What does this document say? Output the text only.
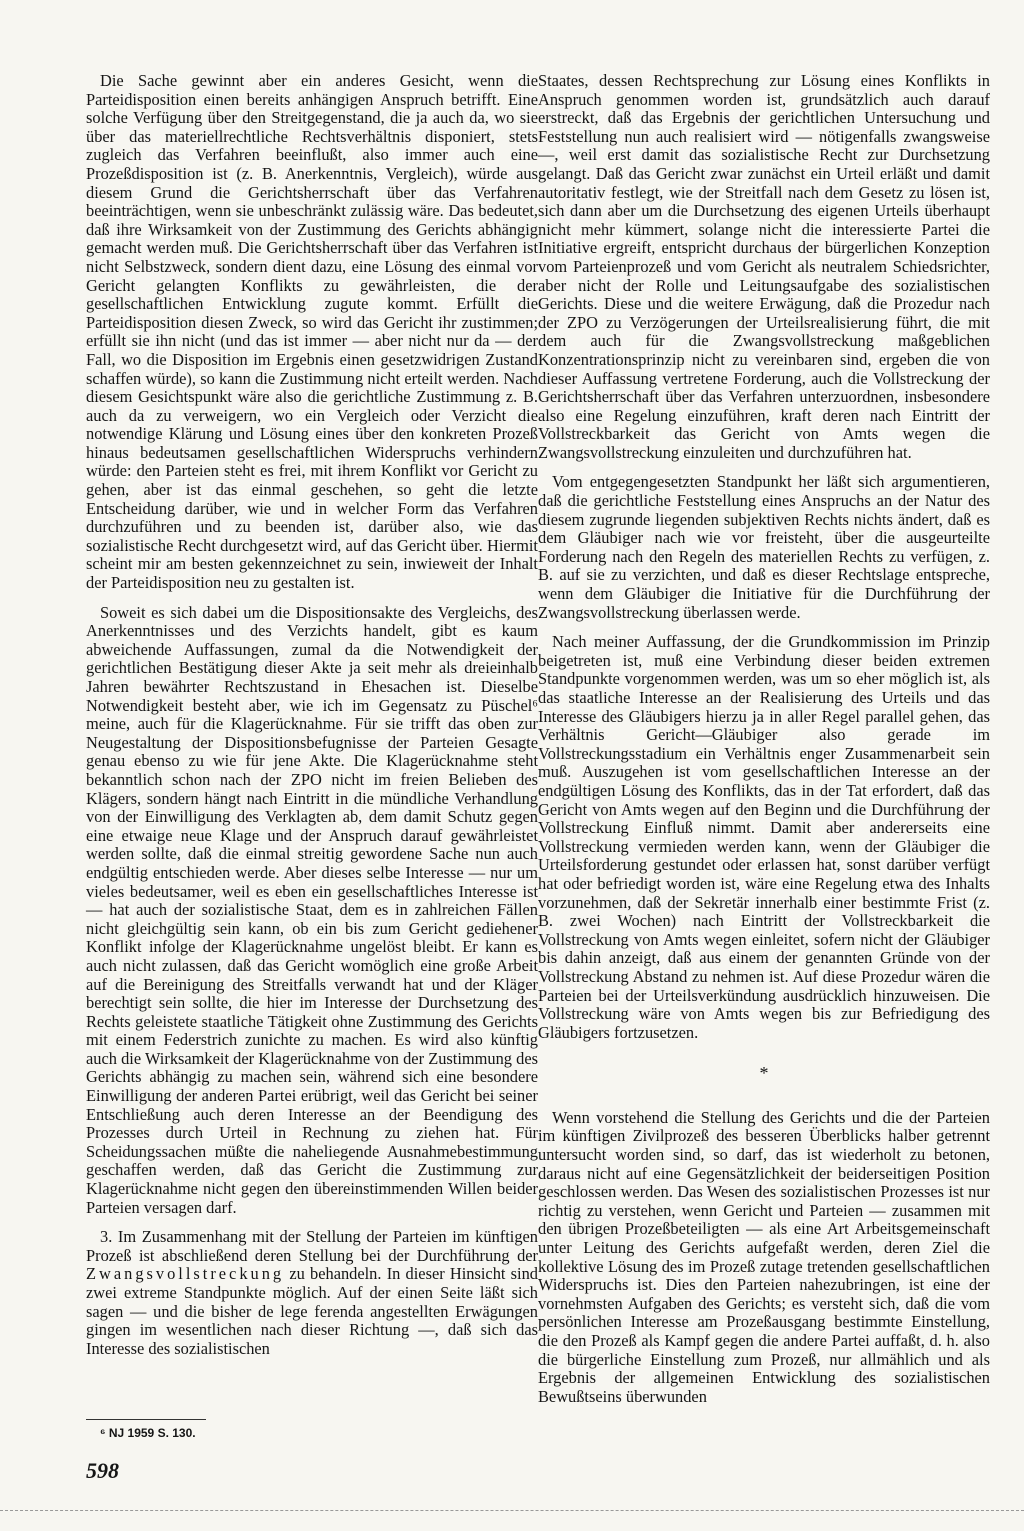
Die Sache gewinnt aber ein anderes Gesicht, wenn die Parteidisposition einen bereits anhängigen Anspruch betrifft. Eine solche Verfügung über den Streitgegenstand, die ja auch da, wo sie über das materiellrechtliche Rechtsverhältnis disponiert, stets zugleich das Verfahren beeinflußt, also immer auch eine Prozeßdisposition ist (z. B. Anerkenntnis, Vergleich), würde aus diesem Grund die Gerichtsherrschaft über das Verfahren beeinträchtigen, wenn sie unbeschränkt zulässig wäre. Das bedeutet, daß ihre Wirksamkeit von der Zustimmung des Gerichts abhängig gemacht werden muß. Die Gerichtsherrschaft über das Verfahren ist nicht Selbstzweck, sondern dient dazu, eine Lösung des einmal vor Gericht gelangten Konflikts zu gewährleisten, die der gesellschaftlichen Entwicklung zugute kommt. Erfüllt die Parteidisposition diesen Zweck, so wird das Gericht ihr zustimmen; erfüllt sie ihn nicht (und das ist immer — aber nicht nur da — der Fall, wo die Disposition im Ergebnis einen gesetzwidrigen Zustand schaffen würde), so kann die Zustimmung nicht erteilt werden. Nach diesem Gesichtspunkt wäre also die gerichtliche Zustimmung z. B. auch da zu verweigern, wo ein Vergleich oder Verzicht die notwendige Klärung und Lösung eines über den konkreten Prozeß hinaus bedeutsamen gesellschaftlichen Widerspruchs verhindern würde: den Parteien steht es frei, mit ihrem Konflikt vor Gericht zu gehen, aber ist das einmal geschehen, so geht die letzte Entscheidung darüber, wie und in welcher Form das Verfahren durchzuführen und zu beenden ist, darüber also, wie das sozialistische Recht durchgesetzt wird, auf das Gericht über. Hiermit scheint mir am besten gekennzeichnet zu sein, inwieweit der Inhalt der Parteidisposition neu zu gestalten ist.

Soweit es sich dabei um die Dispositionsakte des Vergleichs, des Anerkenntnisses und des Verzichts handelt, gibt es kaum abweichende Auffassungen, zumal da die Notwendigkeit der gerichtlichen Bestätigung dieser Akte ja seit mehr als dreieinhalb Jahren bewährter Rechtszustand in Ehesachen ist. Dieselbe Notwendigkeit besteht aber, wie ich im Gegensatz zu Püschel⁶ meine, auch für die Klagerücknahme. Für sie trifft das oben zur Neugestaltung der Dispositionsbefugnisse der Parteien Gesagte genau ebenso zu wie für jene Akte. Die Klagerücknahme steht bekanntlich schon nach der ZPO nicht im freien Belieben des Klägers, sondern hängt nach Eintritt in die mündliche Verhandlung von der Einwilligung des Verklagten ab, dem damit Schutz gegen eine etwaige neue Klage und der Anspruch darauf gewährleistet werden sollte, daß die einmal streitig gewordene Sache nun auch endgültig entschieden werde. Aber dieses selbe Interesse — nur um vieles bedeutsamer, weil es eben ein gesellschaftliches Interesse ist — hat auch der sozialistische Staat, dem es in zahlreichen Fällen nicht gleichgültig sein kann, ob ein bis zum Gericht gediehener Konflikt infolge der Klagerücknahme ungelöst bleibt. Er kann es auch nicht zulassen, daß das Gericht womöglich eine große Arbeit auf die Bereinigung des Streitfalls verwandt hat und der Kläger berechtigt sein sollte, die hier im Interesse der Durchsetzung des Rechts geleistete staatliche Tätigkeit ohne Zustimmung des Gerichts mit einem Federstrich zunichte zu machen. Es wird also künftig auch die Wirksamkeit der Klagerücknahme von der Zustimmung des Gerichts abhängig zu machen sein, während sich eine besondere Einwilligung der anderen Partei erübrigt, weil das Gericht bei seiner Entschließung auch deren Interesse an der Beendigung des Prozesses durch Urteil in Rechnung zu ziehen hat. Für Scheidungssachen müßte die naheliegende Ausnahmebestimmung geschaffen werden, daß das Gericht die Zustimmung zur Klagerücknahme nicht gegen den übereinstimmenden Willen beider Parteien versagen darf.

3. Im Zusammenhang mit der Stellung der Parteien im künftigen Prozeß ist abschließend deren Stellung bei der Durchführung der Zwangsvollstreckung zu behandeln. In dieser Hinsicht sind zwei extreme Standpunkte möglich. Auf der einen Seite läßt sich sagen — und die bisher de lege ferenda angestellten Erwägungen gingen im wesentlichen nach dieser Richtung —, daß sich das Interesse des sozialistischen

Staates, dessen Rechtsprechung zur Lösung eines Konflikts in Anspruch genommen worden ist, grundsätzlich auch darauf erstreckt, daß das Ergebnis der gerichtlichen Untersuchung und Feststellung nun auch realisiert wird — nötigenfalls zwangsweise —, weil erst damit das sozialistische Recht zur Durchsetzung gelangt. Daß das Gericht zwar zunächst ein Urteil erläßt und damit autoritativ festlegt, wie der Streitfall nach dem Gesetz zu lösen ist, sich dann aber um die Durchsetzung des eigenen Urteils überhaupt nicht mehr kümmert, solange nicht die interessierte Partei die Initiative ergreift, entspricht durchaus der bürgerlichen Konzeption vom Parteienprozeß und vom Gericht als neutralem Schiedsrichter, aber nicht der Rolle und Leitungsaufgabe des sozialistischen Gerichts. Diese und die weitere Erwägung, daß die Prozedur nach der ZPO zu Verzögerungen der Urteilsrealisierung führt, die mit dem auch für die Zwangsvollstreckung maßgeblichen Konzentrationsprinzip nicht zu vereinbaren sind, ergeben die von dieser Auffassung vertretene Forderung, auch die Vollstreckung der Gerichtsherrschaft über das Verfahren unterzuordnen, insbesondere also eine Regelung einzuführen, kraft deren nach Eintritt der Vollstreckbarkeit das Gericht von Amts wegen die Zwangsvollstreckung einzuleiten und durchzuführen hat.

Vom entgegengesetzten Standpunkt her läßt sich argumentieren, daß die gerichtliche Feststellung eines Anspruchs an der Natur des diesem zugrunde liegenden subjektiven Rechts nichts ändert, daß es dem Gläubiger nach wie vor freisteht, über die ausgeurteilte Forderung nach den Regeln des materiellen Rechts zu verfügen, z. B. auf sie zu verzichten, und daß es dieser Rechtslage entspreche, wenn dem Gläubiger die Initiative für die Durchführung der Zwangsvollstreckung überlassen werde.

Nach meiner Auffassung, der die Grundkommission im Prinzip beigetreten ist, muß eine Verbindung dieser beiden extremen Standpunkte vorgenommen werden, was um so eher möglich ist, als das staatliche Interesse an der Realisierung des Urteils und das Interesse des Gläubigers hierzu ja in aller Regel parallel gehen, das Verhältnis Gericht—Gläubiger also gerade im Vollstreckungsstadium ein Verhältnis enger Zusammenarbeit sein muß. Auszugehen ist vom gesellschaftlichen Interesse an der endgültigen Lösung des Konflikts, das in der Tat erfordert, daß das Gericht von Amts wegen auf den Beginn und die Durchführung der Vollstreckung Einfluß nimmt. Damit aber andererseits eine Vollstreckung vermieden werden kann, wenn der Gläubiger die Urteilsforderung gestundet oder erlassen hat, sonst darüber verfügt hat oder befriedigt worden ist, wäre eine Regelung etwa des Inhalts vorzunehmen, daß der Sekretär innerhalb einer bestimmte Frist (z. B. zwei Wochen) nach Eintritt der Vollstreckbarkeit die Vollstreckung von Amts wegen einleitet, sofern nicht der Gläubiger bis dahin anzeigt, daß aus einem der genannten Gründe von der Vollstreckung Abstand zu nehmen ist. Auf diese Prozedur wären die Parteien bei der Urteilsverkündung ausdrücklich hinzuweisen. Die Vollstreckung wäre von Amts wegen bis zur Befriedigung des Gläubigers fortzusetzen.

*

Wenn vorstehend die Stellung des Gerichts und die der Parteien im künftigen Zivilprozeß des besseren Überblicks halber getrennt untersucht worden sind, so darf, das ist wiederholt zu betonen, daraus nicht auf eine Gegensätzlichkeit der beiderseitigen Position geschlossen werden. Das Wesen des sozialistischen Prozesses ist nur richtig zu verstehen, wenn Gericht und Parteien — zusammen mit den übrigen Prozeßbeteiligten — als eine Art Arbeitsgemeinschaft unter Leitung des Gerichts aufgefaßt werden, deren Ziel die kollektive Lösung des im Prozeß zutage tretenden gesellschaftlichen Widerspruchs ist. Dies den Parteien nahezubringen, ist eine der vornehmsten Aufgaben des Gerichts; es versteht sich, daß die vom persönlichen Interesse am Prozeßausgang bestimmte Einstellung, die den Prozeß als Kampf gegen die andere Partei auffaßt, d. h. also die bürgerliche Einstellung zum Prozeß, nur allmählich und als Ergebnis der allgemeinen Entwicklung des sozialistischen Bewußtseins überwunden

⁶ NJ 1959 S. 130.
598
